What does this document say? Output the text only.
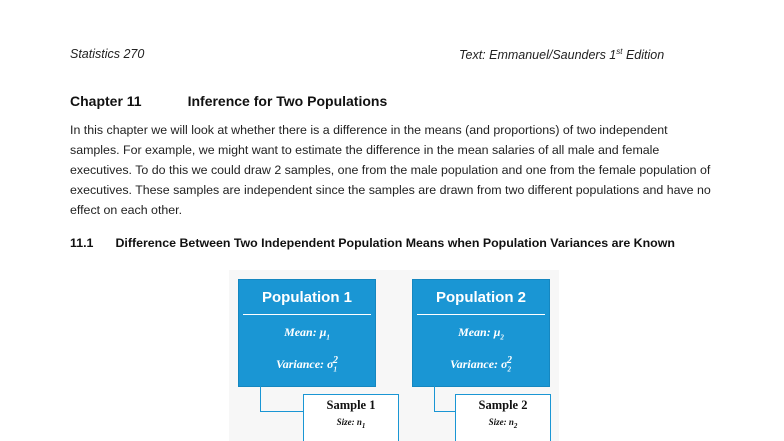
Statistics 270	Text: Emmanuel/Saunders 1st Edition
Chapter 11	Inference for Two Populations
In this chapter we will look at whether there is a difference in the means (and proportions) of two independent samples. For example, we might want to estimate the difference in the mean salaries of all male and female executives. To do this we could draw 2 samples, one from the male population and one from the female population of executives. These samples are independent since the samples are drawn from two different populations and have no effect on each other.
11.1 Difference Between Two Independent Population Means when Population Variances are Known
Population 1
Mean: $\mu_1$
Variance: $\sigma_1^2$
Population 2
Mean: $\mu_2$
Variance: $\sigma_2^2$
Sample 1
Size: $n_1$
Sample 2
Size: $n_2$
